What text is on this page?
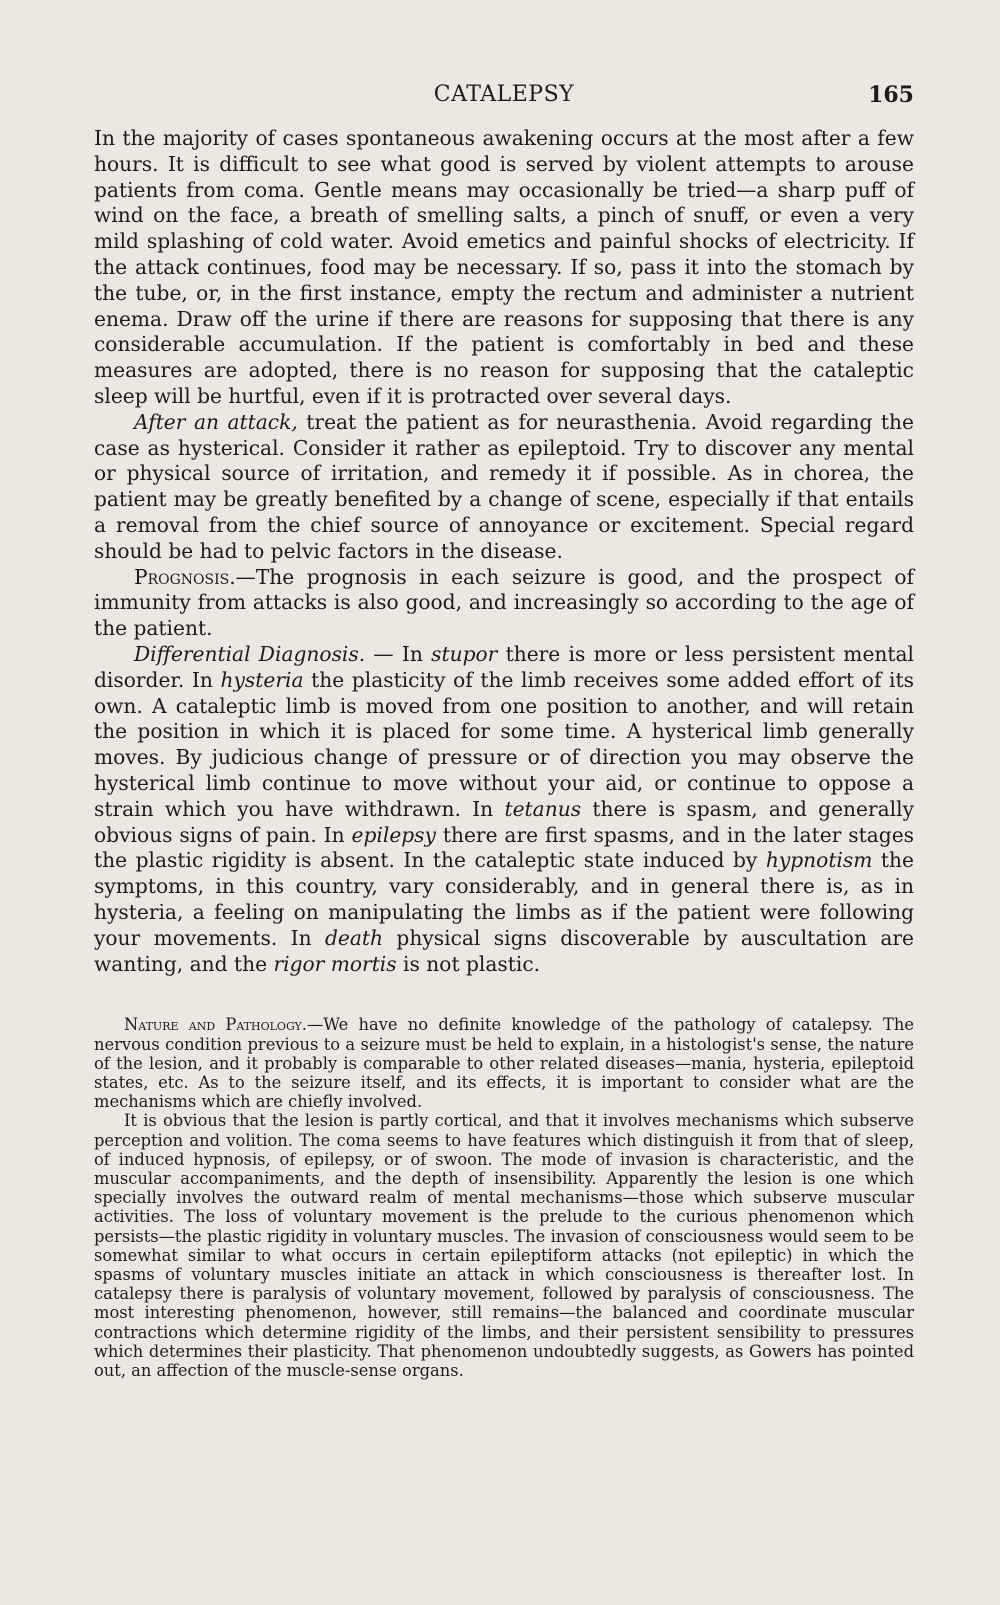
CATALEPSY	165

In the majority of cases spontaneous awakening occurs at the most after a few hours. It is difficult to see what good is served by violent attempts to arouse patients from coma. Gentle means may occasionally be tried—a sharp puff of wind on the face, a breath of smelling salts, a pinch of snuff, or even a very mild splashing of cold water. Avoid emetics and painful shocks of electricity. If the attack continues, food may be necessary. If so, pass it into the stomach by the tube, or, in the first instance, empty the rectum and administer a nutrient enema. Draw off the urine if there are reasons for supposing that there is any considerable accumulation. If the patient is comfortably in bed and these measures are adopted, there is no reason for supposing that the cataleptic sleep will be hurtful, even if it is protracted over several days.

After an attack, treat the patient as for neurasthenia. Avoid regarding the case as hysterical. Consider it rather as epileptoid. Try to discover any mental or physical source of irritation, and remedy it if possible. As in chorea, the patient may be greatly benefited by a change of scene, especially if that entails a removal from the chief source of annoyance or excitement. Special regard should be had to pelvic factors in the disease.

Prognosis.—The prognosis in each seizure is good, and the prospect of immunity from attacks is also good, and increasingly so according to the age of the patient.

Differential Diagnosis. — In stupor there is more or less persistent mental disorder. In hysteria the plasticity of the limb receives some added effort of its own. A cataleptic limb is moved from one position to another, and will retain the position in which it is placed for some time. A hysterical limb generally moves. By judicious change of pressure or of direction you may observe the hysterical limb continue to move without your aid, or continue to oppose a strain which you have withdrawn. In tetanus there is spasm, and generally obvious signs of pain. In epilepsy there are first spasms, and in the later stages the plastic rigidity is absent. In the cataleptic state induced by hypnotism the symptoms, in this country, vary considerably, and in general there is, as in hysteria, a feeling on manipulating the limbs as if the patient were following your movements. In death physical signs discoverable by auscultation are wanting, and the rigor mortis is not plastic.

Nature and Pathology.—We have no definite knowledge of the pathology of catalepsy. The nervous condition previous to a seizure must be held to explain, in a histologist's sense, the nature of the lesion, and it probably is comparable to other related diseases—mania, hysteria, epileptoid states, etc. As to the seizure itself, and its effects, it is important to consider what are the mechanisms which are chiefly involved.

It is obvious that the lesion is partly cortical, and that it involves mechanisms which subserve perception and volition. The coma seems to have features which distinguish it from that of sleep, of induced hypnosis, of epilepsy, or of swoon. The mode of invasion is characteristic, and the muscular accompaniments, and the depth of insensibility. Apparently the lesion is one which specially involves the outward realm of mental mechanisms—those which subserve muscular activities. The loss of voluntary movement is the prelude to the curious phenomenon which persists—the plastic rigidity in voluntary muscles. The invasion of consciousness would seem to be somewhat similar to what occurs in certain epileptiform attacks (not epileptic) in which the spasms of voluntary muscles initiate an attack in which consciousness is thereafter lost. In catalepsy there is paralysis of voluntary movement, followed by paralysis of consciousness. The most interesting phenomenon, however, still remains—the balanced and coordinate muscular contractions which determine rigidity of the limbs, and their persistent sensibility to pressures which determines their plasticity. That phenomenon undoubtedly suggests, as Gowers has pointed out, an affection of the muscle-sense organs.
